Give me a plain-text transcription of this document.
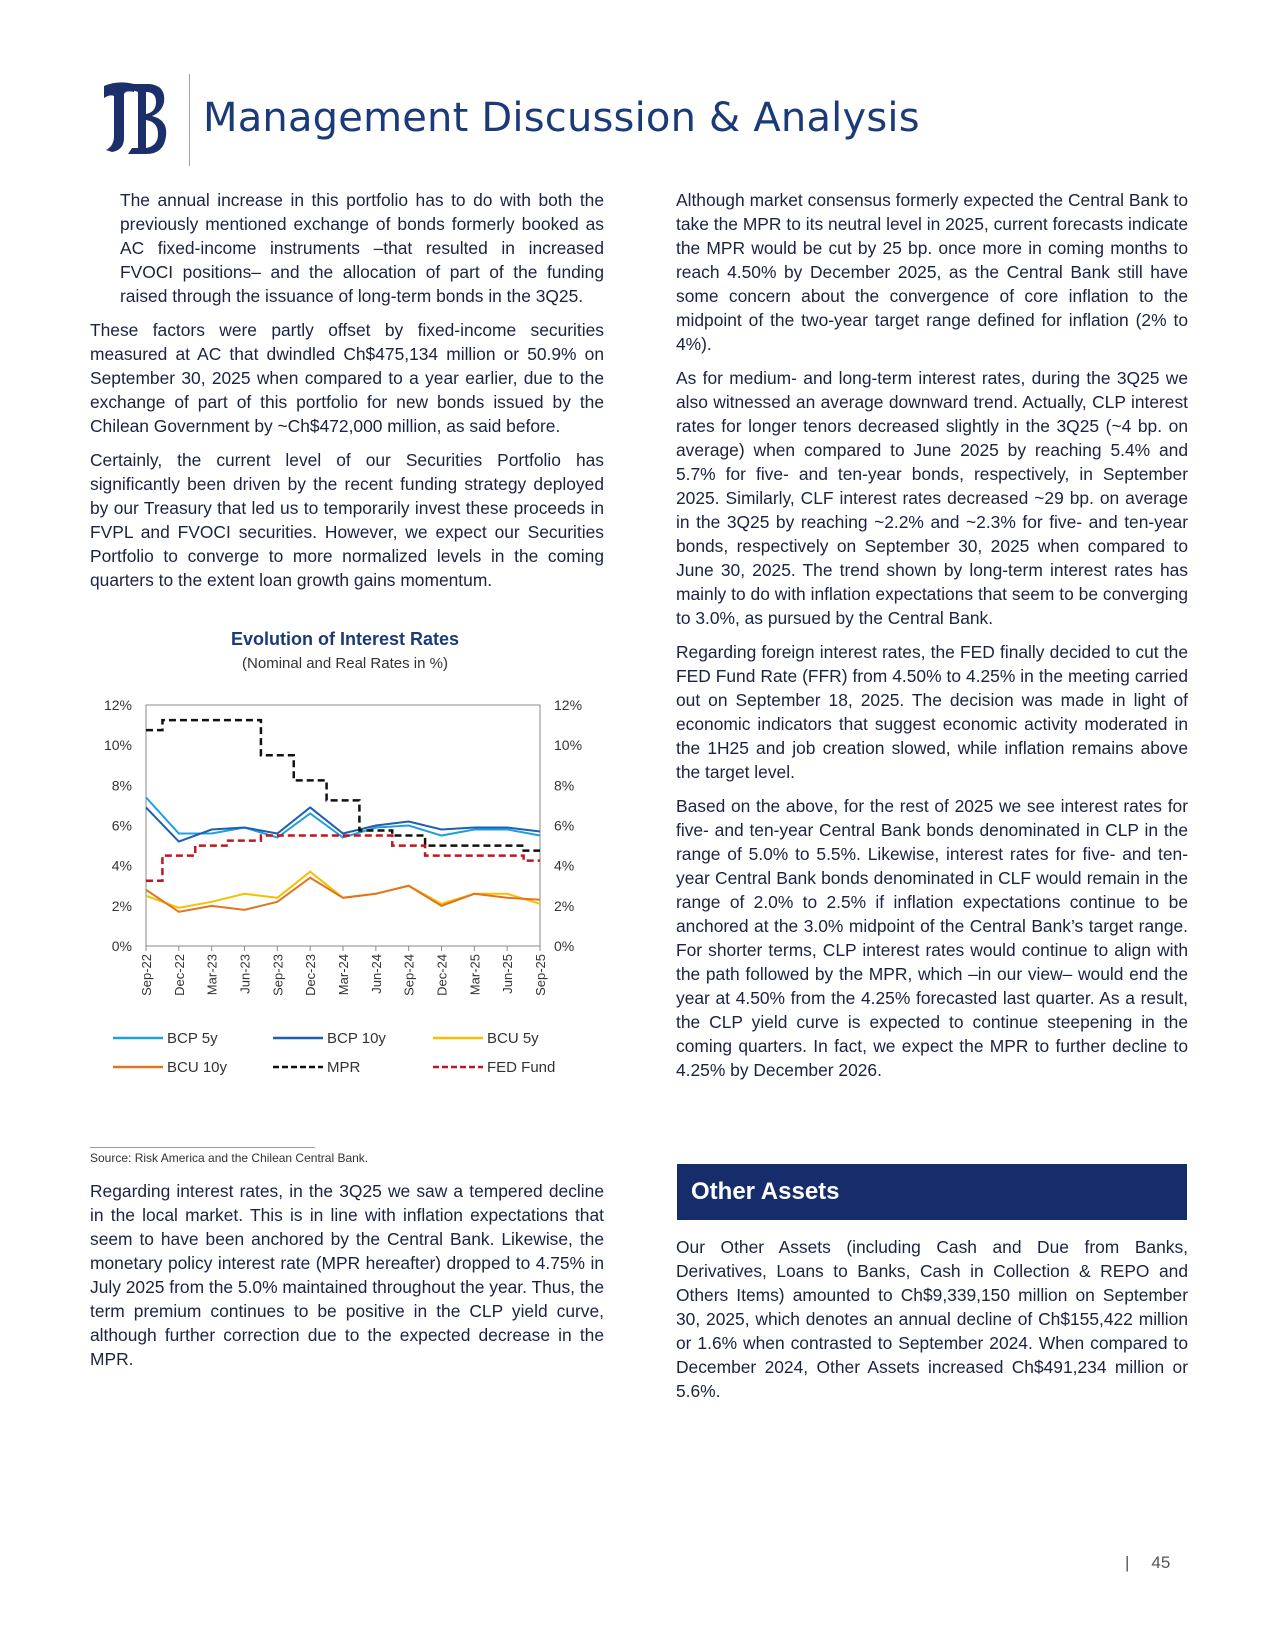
Management Discussion & Analysis

The annual increase in this portfolio has to do with both the previously mentioned exchange of bonds formerly booked as AC fixed-income instruments –that resulted in increased FVOCI positions– and the allocation of part of the funding raised through the issuance of long-term bonds in the 3Q25.

These factors were partly offset by fixed-income securities measured at AC that dwindled Ch$475,134 million or 50.9% on September 30, 2025 when compared to a year earlier, due to the exchange of part of this portfolio for new bonds issued by the Chilean Government by ~Ch$472,000 million, as said before.

Certainly, the current level of our Securities Portfolio has significantly been driven by the recent funding strategy deployed by our Treasury that led us to temporarily invest these proceeds in FVPL and FVOCI securities. However, we expect our Securities Portfolio to converge to more normalized levels in the coming quarters to the extent loan growth gains momentum.

Evolution of Interest Rates
(Nominal and Real Rates in %)
0%	0%
2%	2%
4%	4%
6%	6%
8%	8%
10%	10%
12%	12%
Sep-22 Dec-22 Mar-23 Jun-23 Sep-23 Dec-23 Mar-24 Jun-24 Sep-24 Dec-24 Mar-25 Jun-25 Sep-25
BCP 5y	BCP 10y	BCU 5y
BCU 10y	MPR	FED Fund
Source: Risk America and the Chilean Central Bank.

Regarding interest rates, in the 3Q25 we saw a tempered decline in the local market. This is in line with inflation expectations that seem to have been anchored by the Central Bank. Likewise, the monetary policy interest rate (MPR hereafter) dropped to 4.75% in July 2025 from the 5.0% maintained throughout the year. Thus, the term premium continues to be positive in the CLP yield curve, although further correction due to the expected decrease in the MPR.

Although market consensus formerly expected the Central Bank to take the MPR to its neutral level in 2025, current forecasts indicate the MPR would be cut by 25 bp. once more in coming months to reach 4.50% by December 2025, as the Central Bank still have some concern about the convergence of core inflation to the midpoint of the two-year target range defined for inflation (2% to 4%).

As for medium- and long-term interest rates, during the 3Q25 we also witnessed an average downward trend. Actually, CLP interest rates for longer tenors decreased slightly in the 3Q25 (~4 bp. on average) when compared to June 2025 by reaching 5.4% and 5.7% for five- and ten-year bonds, respectively, in September 2025. Similarly, CLF interest rates decreased ~29 bp. on average in the 3Q25 by reaching ~2.2% and ~2.3% for five- and ten-year bonds, respectively on September 30, 2025 when compared to June 30, 2025. The trend shown by long-term interest rates has mainly to do with inflation expectations that seem to be converging to 3.0%, as pursued by the Central Bank.

Regarding foreign interest rates, the FED finally decided to cut the FED Fund Rate (FFR) from 4.50% to 4.25% in the meeting carried out on September 18, 2025. The decision was made in light of economic indicators that suggest economic activity moderated in the 1H25 and job creation slowed, while inflation remains above the target level.

Based on the above, for the rest of 2025 we see interest rates for five- and ten-year Central Bank bonds denominated in CLP in the range of 5.0% to 5.5%. Likewise, interest rates for five- and ten-year Central Bank bonds denominated in CLF would remain in the range of 2.0% to 2.5% if inflation expectations continue to be anchored at the 3.0% midpoint of the Central Bank’s target range. For shorter terms, CLP interest rates would continue to align with the path followed by the MPR, which –in our view– would end the year at 4.50% from the 4.25% forecasted last quarter. As a result, the CLP yield curve is expected to continue steepening in the coming quarters. In fact, we expect the MPR to further decline to 4.25% by December 2026.

Other Assets

Our Other Assets (including Cash and Due from Banks, Derivatives, Loans to Banks, Cash in Collection & REPO and Others Items) amounted to Ch$9,339,150 million on September 30, 2025, which denotes an annual decline of Ch$155,422 million or 1.6% when contrasted to September 2024. When compared to December 2024, Other Assets increased Ch$491,234 million or 5.6%.

| 45
